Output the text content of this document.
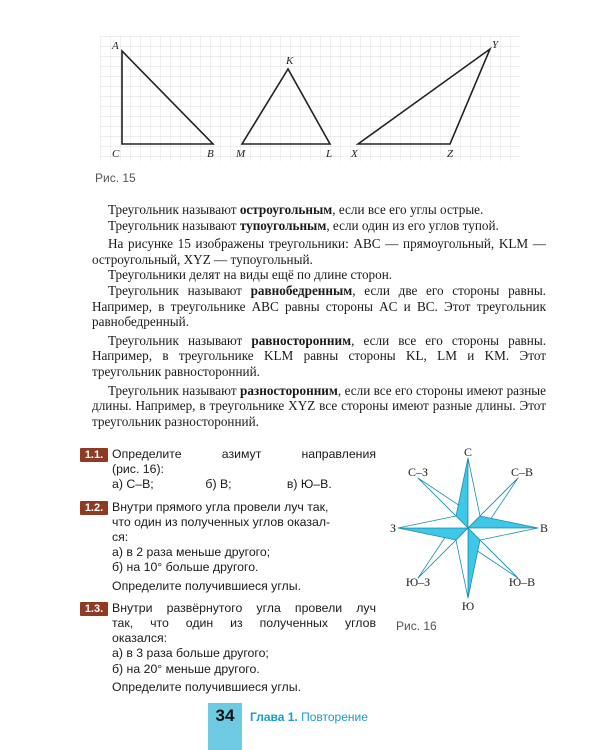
A
C	B
K
M	L X
Y
Z
Рис. 15

Треугольник называют остроугольным, если все его углы острые.

Треугольник называют тупоугольным, если один из его углов тупой.

На рисунке 15 изображены треугольники: ABC — прямоугольный, KLM — остроугольный, XYZ — тупоугольный.

Треугольники делят на виды ещё по длине сторон.

Треугольник называют равнобедренным, если две его стороны равны. Например, в треугольнике ABC равны стороны AC и BC. Этот треугольник равнобедренный.

Треугольник называют равносторонним, если все его стороны равны. Например, в треугольнике KLM равны стороны KL, LM и KM. Этот треугольник равносторонний.

Треугольник называют разносторонним, если все его стороны имеют разные длины. Например, в треугольнике XYZ все стороны имеют разные длины. Этот треугольник разносторонний.

1.1. Определите азимут направления
(рис. 16):
а) С–В;	б) В;	в) Ю–В.
1.2. Внутри прямого угла провели луч так,
что один из полученных углов оказал-
ся:
а) в 2 раза меньше другого;
б) на 10° больше другого.
Определите получившиеся углы.
1.3. Внутри развёрнутого угла провели луч
так, что один из полученных углов
оказался:
а) в 3 раза больше другого;
б) на 20° меньше другого.
Определите получившиеся углы.
С
Ю
В
З
С–В
С–З
Ю–В
Ю–З
Рис. 16
34	Глава 1. Повторение
